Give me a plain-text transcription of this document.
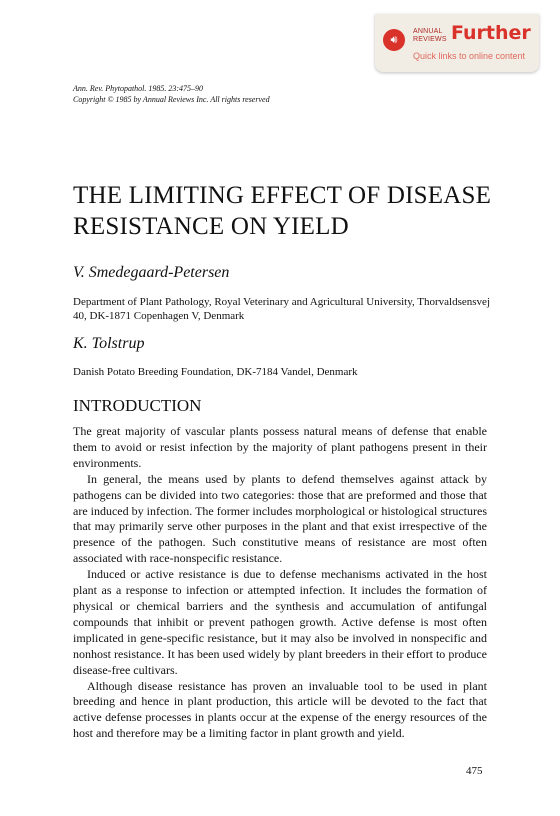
🔊︎
ANNUAL
REVIEWS Further
Quick links to online content
Ann. Rev. Phytopathol. 1985. 23:475–90
Copyright © 1985 by Annual Reviews Inc. All rights reserved
THE LIMITING EFFECT OF DISEASE RESISTANCE ON YIELD
V. Smedegaard-Petersen
Department of Plant Pathology, Royal Veterinary and Agricultural University, Thorvaldsensvej 40, DK-1871 Copenhagen V, Denmark
K. Tolstrup
Danish Potato Breeding Foundation, DK-7184 Vandel, Denmark
INTRODUCTION

The great majority of vascular plants possess natural means of defense that enable them to avoid or resist infection by the majority of plant pathogens present in their environments.

In general, the means used by plants to defend themselves against attack by pathogens can be divided into two categories: those that are preformed and those that are induced by infection. The former includes morphological or histological structures that may primarily serve other purposes in the plant and that exist irrespective of the presence of the pathogen. Such constitutive means of resistance are most often associated with race-nonspecific resistance.

Induced or active resistance is due to defense mechanisms activated in the host plant as a response to infection or attempted infection. It includes the formation of physical or chemical barriers and the synthesis and accumulation of antifungal compounds that inhibit or prevent pathogen growth. Active defense is most often implicated in gene-specific resistance, but it may also be involved in nonspecific and nonhost resistance. It has been used widely by plant breeders in their effort to produce disease-free cultivars.

Although disease resistance has proven an invaluable tool to be used in plant breeding and hence in plant production, this article will be devoted to the fact that active defense processes in plants occur at the expense of the energy resources of the host and therefore may be a limiting factor in plant growth and yield.

475
